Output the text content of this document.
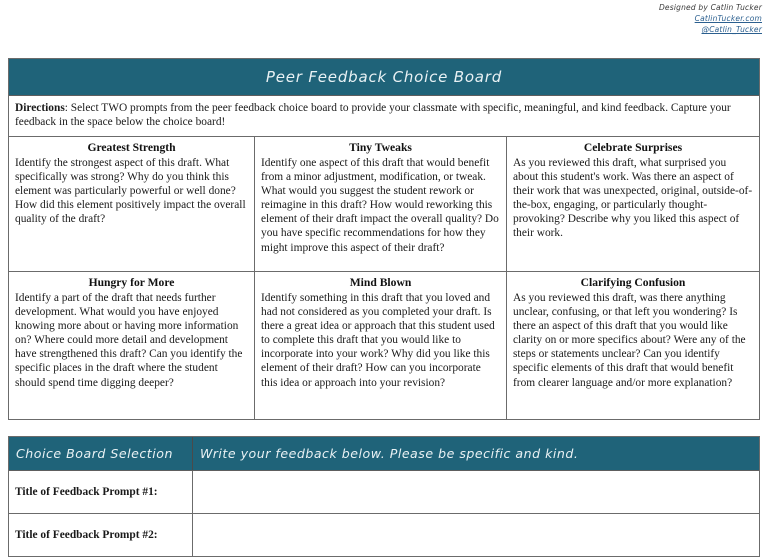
Designed by Catlin Tucker
CatlinTucker.com
@Catlin_Tucker
Peer Feedback Choice Board
Directions: Select TWO prompts from the peer feedback choice board to provide your classmate with specific, meaningful, and kind feedback. Capture your feedback in the space below the choice board!
Greatest Strength
Identify the strongest aspect of this draft. What specifically was strong? Why do you think this element was particularly powerful or well done? How did this element positively impact the overall quality of the draft?
Tiny Tweaks
Identify one aspect of this draft that would benefit from a minor adjustment, modification, or tweak. What would you suggest the student rework or reimagine in this draft? How would reworking this element of their draft impact the overall quality? Do you have specific recommendations for how they might improve this aspect of their draft?
Celebrate Surprises
As you reviewed this draft, what surprised you about this student's work. Was there an aspect of their work that was unexpected, original, outside-of-the-box, engaging, or particularly thought-provoking? Describe why you liked this aspect of their work.
Hungry for More
Identify a part of the draft that needs further development. What would you have enjoyed knowing more about or having more information on? Where could more detail and development have strengthened this draft? Can you identify the specific places in the draft where the student should spend time digging deeper?
Mind Blown
Identify something in this draft that you loved and had not considered as you completed your draft. Is there a great idea or approach that this student used to complete this draft that you would like to incorporate into your work? Why did you like this element of their draft? How can you incorporate this idea or approach into your revision?
Clarifying Confusion
As you reviewed this draft, was there anything unclear, confusing, or that left you wondering? Is there an aspect of this draft that you would like clarity on or more specifics about? Were any of the steps or statements unclear? Can you identify specific elements of this draft that would benefit from clearer language and/or more explanation?
Choice Board Selection	Write your feedback below. Please be specific and kind.
Title of Feedback Prompt #1:
Title of Feedback Prompt #2:
